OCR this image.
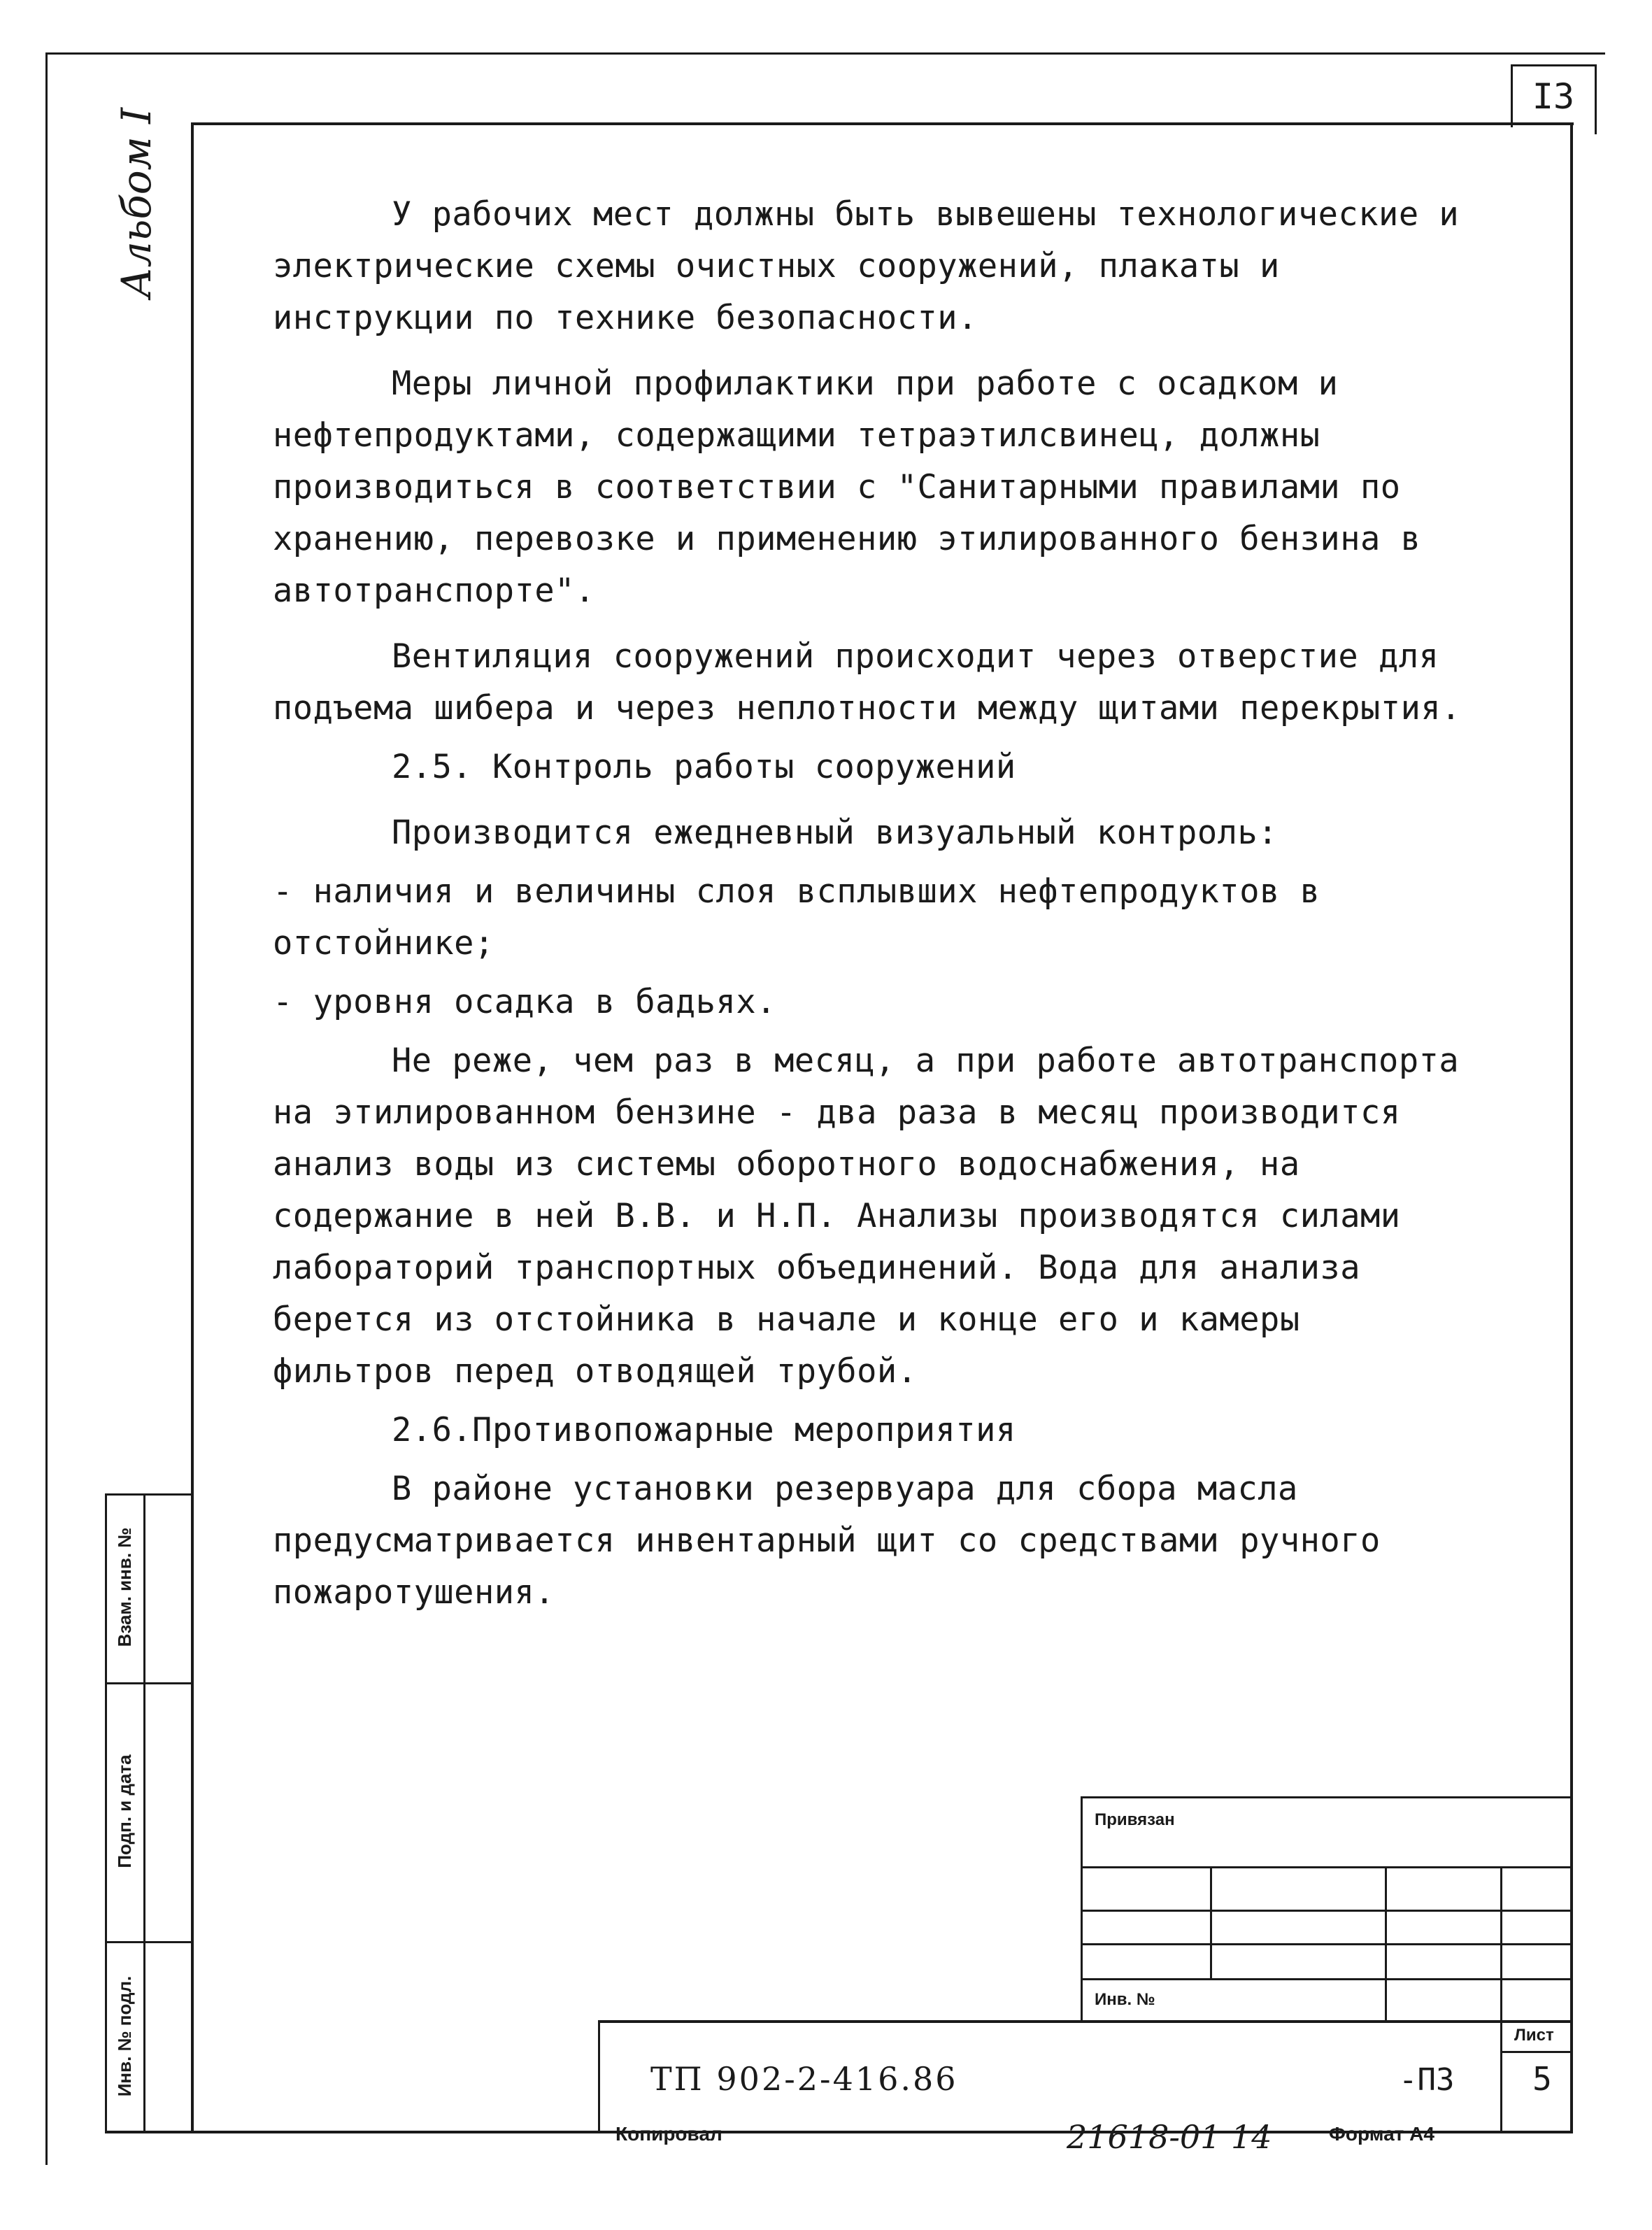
I3
Альбом I	У рабочих мест должны быть вывешены технологические и электрические схемы очистных сооружений, плакаты и инструкции по технике безопасности.

Меры личной профилактики при работе с осадком и нефтепродуктами, содержащими тетраэтилсвинец, должны производиться в соответствии с "Санитарными правилами по хранению, перевозке и применению этилированного бензина в автотранспорте".

Вентиляция сооружений происходит через отверстие для подъема шибера и через неплотности между щитами перекрытия.

2.5. Контроль работы сооружений

Производится ежедневный визуальный контроль:

- наличия и величины слоя всплывших нефтепродуктов в отстойнике;

- уровня осадка в бадьях.

Не реже, чем раз в месяц, а при работе автотранспорта на этилированном бензине - два раза в месяц производится анализ воды из системы оборотного водоснабжения, на содержание в ней В.В. и Н.П. Анализы производятся силами лабораторий транспортных объединений. Вода для анализа берется из отстойника в начале и конце его и камеры фильтров перед отводящей трубой.

2.6.Противопожарные мероприятия

В районе установки резервуара для сбора масла предусматривается инвентарный щит со средствами ручного пожаротушения.

Взам. инв. №
Подп. и дата
Инв. № подл.
Привязан
Инв. №
Лист
ТП 902-2-416.86	-ПЗ	5
Копировал	21618-01 14	Формат А4
